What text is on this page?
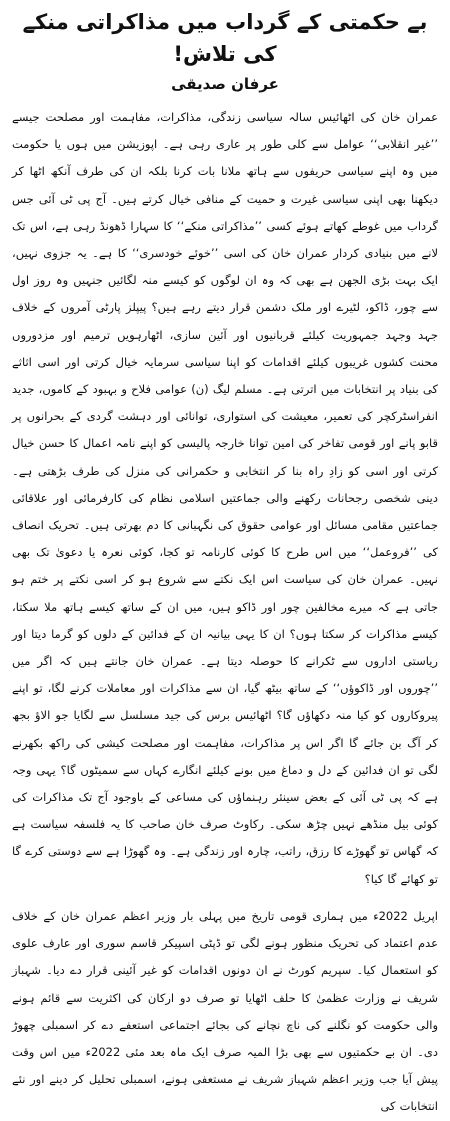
بے حکمتی کے گرداب میں مذاکراتی منکے کی تلاش!
عرفان صدیقی

عمران خان کی اٹھائیس سالہ سیاسی زندگی، مذاکرات، مفاہمت اور مصلحت جیسے ’’غیر انقلابی‘‘ عوامل سے کلی طور پر عاری رہی ہے۔ اپوزیشن میں ہوں یا حکومت میں وہ اپنے سیاسی حریفوں سے ہاتھ ملانا بات کرنا بلکہ ان کی طرف آنکھ اٹھا کر دیکھنا بھی اپنی سیاسی غیرت و حمیت کے منافی خیال کرتے ہیں۔ آج پی ٹی آئی جس گرداب میں غوطے کھاتے ہوئے کسی ’’مذاکراتی منکے‘‘ کا سہارا ڈھونڈ رہی ہے، اس تک لانے میں بنیادی کردار عمران خان کی اسی ’’خوئے خودسری‘‘ کا ہے۔ یہ جزوی نہیں، ایک بہت بڑی الجھن ہے بھی کہ وہ ان لوگوں کو کیسے منہ لگائیں جنہیں وہ روز اول سے چور، ڈاکو، لٹیرے اور ملک دشمن قرار دیتے رہے ہیں؟ پیپلز پارٹی آمروں کے خلاف جہد وجہد جمہوریت کیلئے قربانیوں اور آئین سازی، اٹھارہویں ترمیم اور مزدوروں محنت کشوں غریبوں کیلئے اقدامات کو اپنا سیاسی سرمایہ خیال کرتی اور اسی اثاثے کی بنیاد پر انتخابات میں اترتی ہے۔ مسلم لیگ (ن) عوامی فلاح و بہبود کے کاموں، جدید انفراسٹرکچر کی تعمیر، معیشت کی استواری، توانائی اور دہشت گردی کے بحرانوں پر قابو پانے اور قومی تفاخر کی امین توانا خارجہ پالیسی کو اپنے نامہ اعمال کا حسن خیال کرتی اور اسی کو زادِ راہ بنا کر انتخابی و حکمرانی کی منزل کی طرف بڑھتی ہے۔ دینی شخصی رجحانات رکھنے والی جماعتیں اسلامی نظام کی کارفرمائی اور علاقائی جماعتیں مقامی مسائل اور عوامی حقوق کی نگہبانی کا دم بھرتی ہیں۔ تحریک انصاف کی ’’فروعمل‘‘ میں اس طرح کا کوئی کارنامہ تو کجا، کوئی نعرہ یا دعویٰ تک بھی نہیں۔ عمران خان کی سیاست اس ایک نکتے سے شروع ہو کر اسی نکتے پر ختم ہو جاتی ہے کہ میرے مخالفین چور اور ڈاکو ہیں، میں ان کے ساتھ کیسے ہاتھ ملا سکتا، کیسے مذاکرات کر سکتا ہوں؟ ان کا یہی بیانیہ ان کے فدائین کے دلوں کو گرما دیتا اور ریاستی اداروں سے ٹکرانے کا حوصلہ دیتا ہے۔ عمران خان جانتے ہیں کہ اگر میں ’’چوروں اور ڈاکوؤں‘‘ کے ساتھ بیٹھ گیا، ان سے مذاکرات اور معاملات کرنے لگا، تو اپنے پیروکاروں کو کیا منہ دکھاؤں گا؟ اٹھائیس برس کی جید مسلسل سے لگایا جو الاؤ بجھ کر آگ بن جائے گا اگر اس پر مذاکرات، مفاہمت اور مصلحت کیشی کی راکھ بکھرنے لگی تو ان فدائین کے دل و دماغ میں بونے کیلئے انگارے کہاں سے سمیٹوں گا؟ یہی وجہ ہے کہ پی ٹی آئی کے بعض سینئر رہنماؤں کی مساعی کے باوجود آج تک مذاکرات کی کوئی بیل منڈھے نہیں چڑھ سکی۔ رکاوٹ صرف خان صاحب کا یہ فلسفہ سیاست ہے کہ گھاس تو گھوڑے کا رزق، راتب، چارہ اور زندگی ہے۔ وہ گھوڑا ہے سے دوستی کرے گا تو کھائے گا کیا؟

اپریل 2022ء میں ہماری قومی تاریخ میں پہلی بار وزیر اعظم عمران خان کے خلاف عدم اعتماد کی تحریک منظور ہونے لگی تو ڈپٹی اسپیکر قاسم سوری اور عارف علوی کو استعمال کیا۔ سپریم کورٹ نے ان دونوں اقدامات کو غیر آئینی قرار دے دیا۔ شہباز شریف نے وزارت عظمیٰ کا حلف اٹھایا تو صرف دو ارکان کی اکثریت سے قائم ہونے والی حکومت کو نگلنے کی ناچ نچانے کی بجائے اجتماعی استعفے دے کر اسمبلی چھوڑ دی۔ ان بے حکمتیوں سے بھی بڑا المیہ صرف ایک ماہ بعد مئی 2022ء میں اس وقت پیش آیا جب وزیر اعظم شہباز شریف نے مستعفی ہونے، اسمبلی تحلیل کر دینے اور نئے انتخابات کی
